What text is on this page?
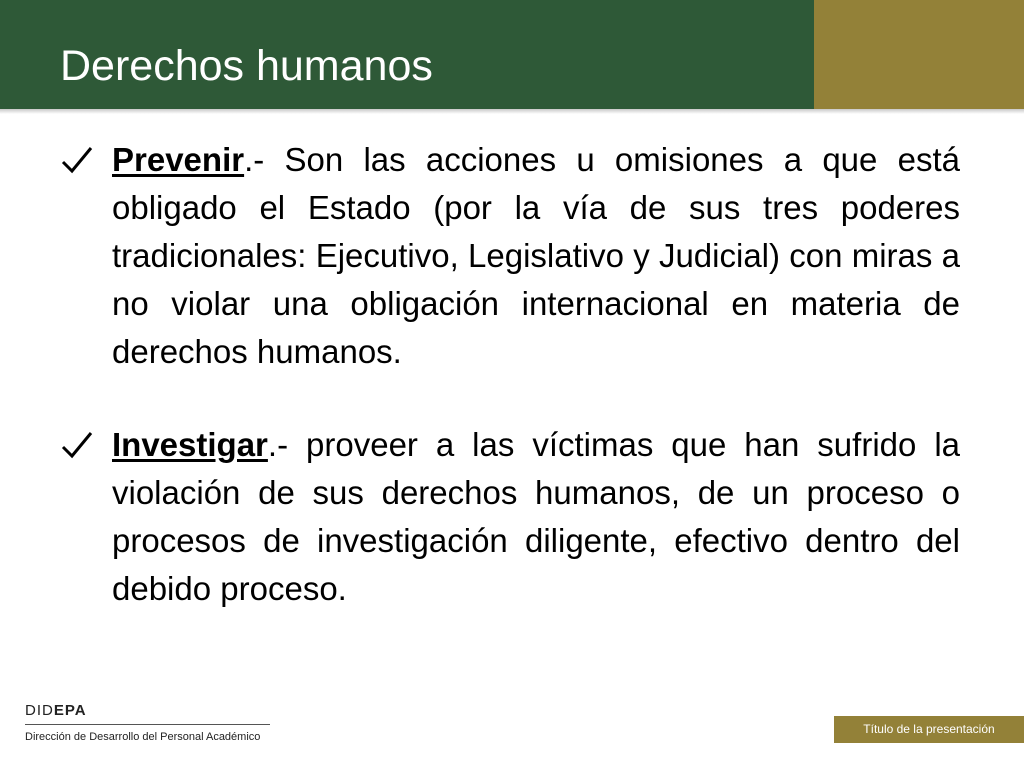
Derechos humanos

Prevenir.- Son las acciones u omisiones a que está obligado el Estado (por la vía de sus tres poderes tradicionales: Ejecutivo, Legislativo y Judicial) con miras a no violar una obligación internacional en materia de derechos humanos.

Investigar.- proveer a las víctimas que han sufrido la violación de sus derechos humanos, de un proceso o procesos de investigación diligente, efectivo dentro del debido proceso.

DIDEPA
Dirección de Desarrollo del Personal Académico
Título de la presentación
